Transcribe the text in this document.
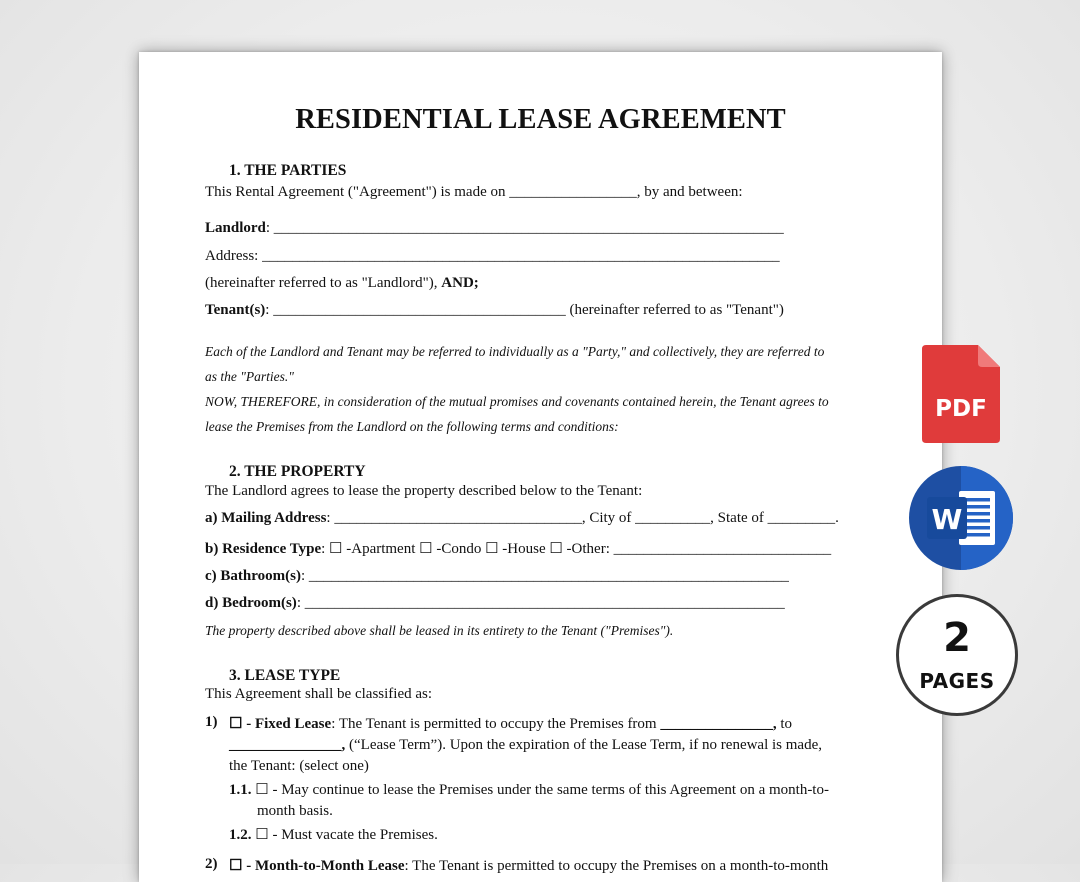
RESIDENTIAL LEASE AGREEMENT
1. THE PARTIES
This Rental Agreement ("Agreement") is made on _________________, by and between:
Landlord: ____________________________________________________________________
Address: _____________________________________________________________________
(hereinafter referred to as "Landlord"), AND;
Tenant(s): _______________________________________ (hereinafter referred to as "Tenant")
Each of the Landlord and Tenant may be referred to individually as a "Party," and collectively, they are referred to
as the "Parties."
NOW, THEREFORE, in consideration of the mutual promises and covenants contained herein, the Tenant agrees to
lease the Premises from the Landlord on the following terms and conditions:
2. THE PROPERTY
The Landlord agrees to lease the property described below to the Tenant:
a) Mailing Address: _________________________________, City of __________, State of _________.
b) Residence Type: ☐ -Apartment ☐ -Condo ☐ -House ☐ -Other: _____________________________
c) Bathroom(s): ________________________________________________________________
d) Bedroom(s): ________________________________________________________________
The property described above shall be leased in its entirety to the Tenant ("Premises").
3. LEASE TYPE
This Agreement shall be classified as:
1) ☐ - Fixed Lease: The Tenant is permitted to occupy the Premises from _______________, to
_______________, (“Lease Term”). Upon the expiration of the Lease Term, if no renewal is made,
the Tenant: (select one)
1.1. ☐ - May continue to lease the Premises under the same terms of this Agreement on a month-to-
month basis.
1.2. ☐ - Must vacate the Premises.
2) ☐ - Month-to-Month Lease: The Tenant is permitted to occupy the Premises on a month-to-month
PDF
W
2
PAGES
